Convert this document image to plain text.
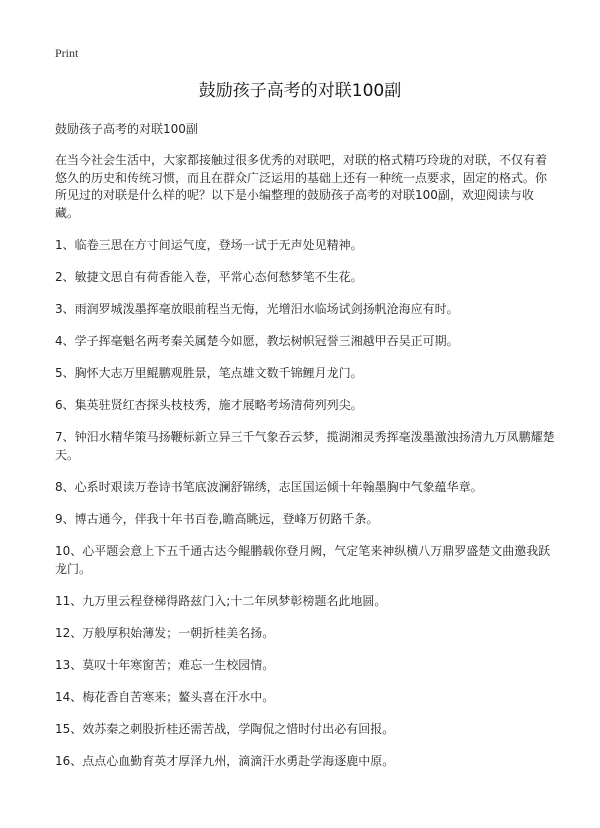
Print
鼓励孩子高考的对联100副

鼓励孩子高考的对联100副

在当今社会生活中，大家都接触过很多优秀的对联吧，对联的格式精巧玲珑的对联，不仅有着悠久的历史和传统习惯，而且在群众广泛运用的基础上还有一种统一点要求，固定的格式。你所见过的对联是什么样的呢？以下是小编整理的鼓励孩子高考的对联100副，欢迎阅读与收藏。

1、临卷三思在方寸间运气度，登场一试于无声处见精神。
2、敏捷文思自有荷香能入卷，平常心态何愁梦笔不生花。
3、雨润罗城泼墨挥毫放眼前程当无悔，光增汨水临场试剑扬帆沧海应有时。
4、学子挥毫魁名两考秦关属楚今如愿，教坛树帜冠誉三湘越甲吞吴正可期。
5、胸怀大志万里鲲鹏观胜景，笔点雄文数千锦鲤月龙门。
6、集英驻贤红杏探头枝枝秀，施才展略考场清荷列列尖。
7、钟汨水精华策马扬鞭标新立异三千气象吞云梦，揽湖湘灵秀挥毫泼墨激浊扬清九万凤鹏耀楚天。
8、心系时艰读万卷诗书笔底波澜舒锦绣，志匡国运倾十年翰墨胸中气象蕴华章。
9、博古通今，伴我十年书百卷,瞻高眺远，登峰万仞路千条。
10、心平题会意上下五千通古达今鲲鹏载你登月阙，气定笔来神纵横八万鼎罗盛楚文曲邀我跃龙门。
11、九万里云程登梯得路兹门入;十二年夙梦彰榜题名此地圆。
12、万般厚积始薄发；一朝折桂美名扬。
13、莫叹十年寒窗苦；难忘一生校园情。
14、梅花香自苦寒来；鳌头喜在汗水中。
15、效苏秦之刺股折桂还需苦战，学陶侃之惜时付出必有回报。
16、点点心血勤育英才厚泽九州，滴滴汗水勇赴学海逐鹿中原。
